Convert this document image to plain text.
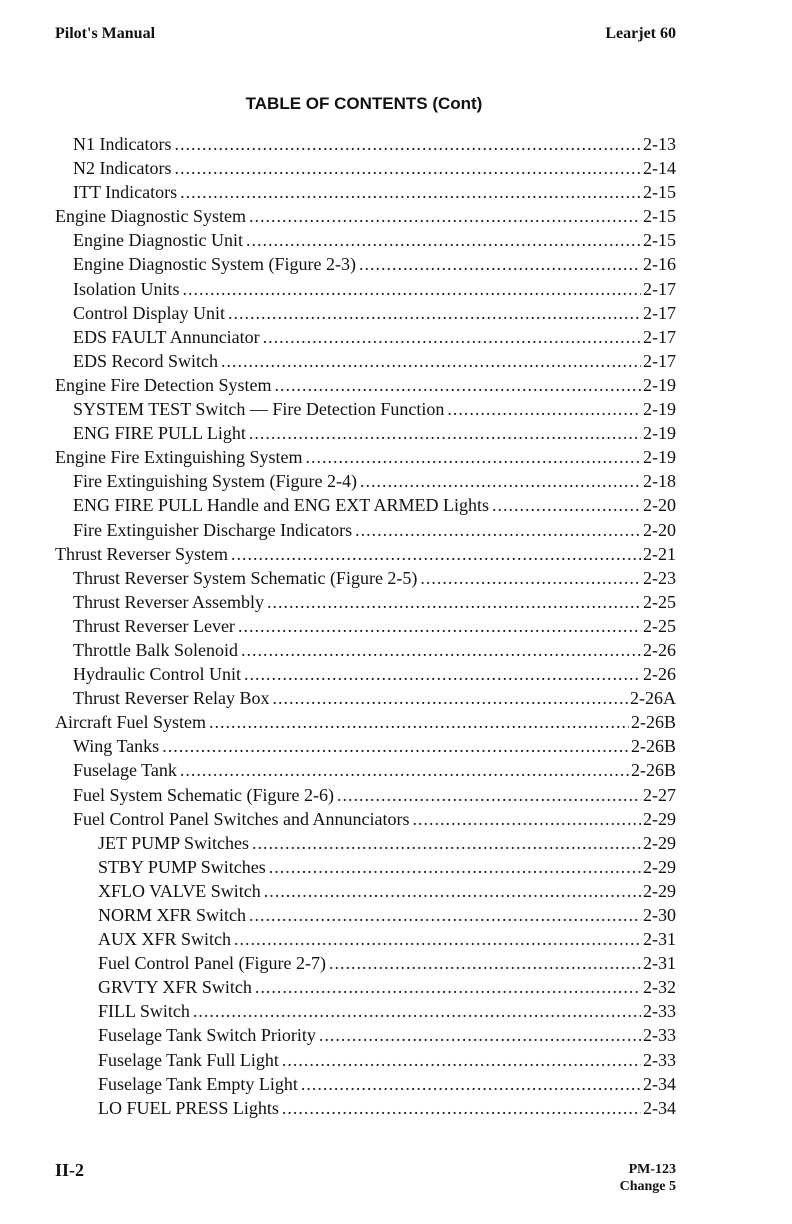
Pilot's Manual	Learjet 60
TABLE OF CONTENTS (Cont)
N1 Indicators .....	2-13
N2 Indicators .....	2-14
ITT Indicators .....	2-15
Engine Diagnostic System .....	2-15
Engine Diagnostic Unit .....	2-15
Engine Diagnostic System (Figure 2-3) .....	2-16
Isolation Units .....	2-17
Control Display Unit .....	2-17
EDS FAULT Annunciator .....	2-17
EDS Record Switch .....	2-17
Engine Fire Detection System .....	2-19
SYSTEM TEST Switch — Fire Detection Function .....	2-19
ENG FIRE PULL Light .....	2-19
Engine Fire Extinguishing System .....	2-19
Fire Extinguishing System (Figure 2-4) .....	2-18
ENG FIRE PULL Handle and ENG EXT ARMED Lights .....	2-20
Fire Extinguisher Discharge Indicators .....	2-20
Thrust Reverser System .....	2-21
Thrust Reverser System Schematic (Figure 2-5) .....	2-23
Thrust Reverser Assembly .....	2-25
Thrust Reverser Lever .....	2-25
Throttle Balk Solenoid .....	2-26
Hydraulic Control Unit .....	2-26
Thrust Reverser Relay Box .....	2-26A
Aircraft Fuel System .....	2-26B
Wing Tanks .....	2-26B
Fuselage Tank .....	2-26B
Fuel System Schematic (Figure 2-6) .....	2-27
Fuel Control Panel Switches and Annunciators .....	2-29
JET PUMP Switches .....	2-29
STBY PUMP Switches .....	2-29
XFLO VALVE Switch .....	2-29
NORM XFR Switch .....	2-30
AUX XFR Switch .....	2-31
Fuel Control Panel (Figure 2-7) .....	2-31
GRVTY XFR Switch .....	2-32
FILL Switch .....	2-33
Fuselage Tank Switch Priority .....	2-33
Fuselage Tank Full Light .....	2-33
Fuselage Tank Empty Light .....	2-34
LO FUEL PRESS Lights .....	2-34
II-2	PM-123
Change 5
